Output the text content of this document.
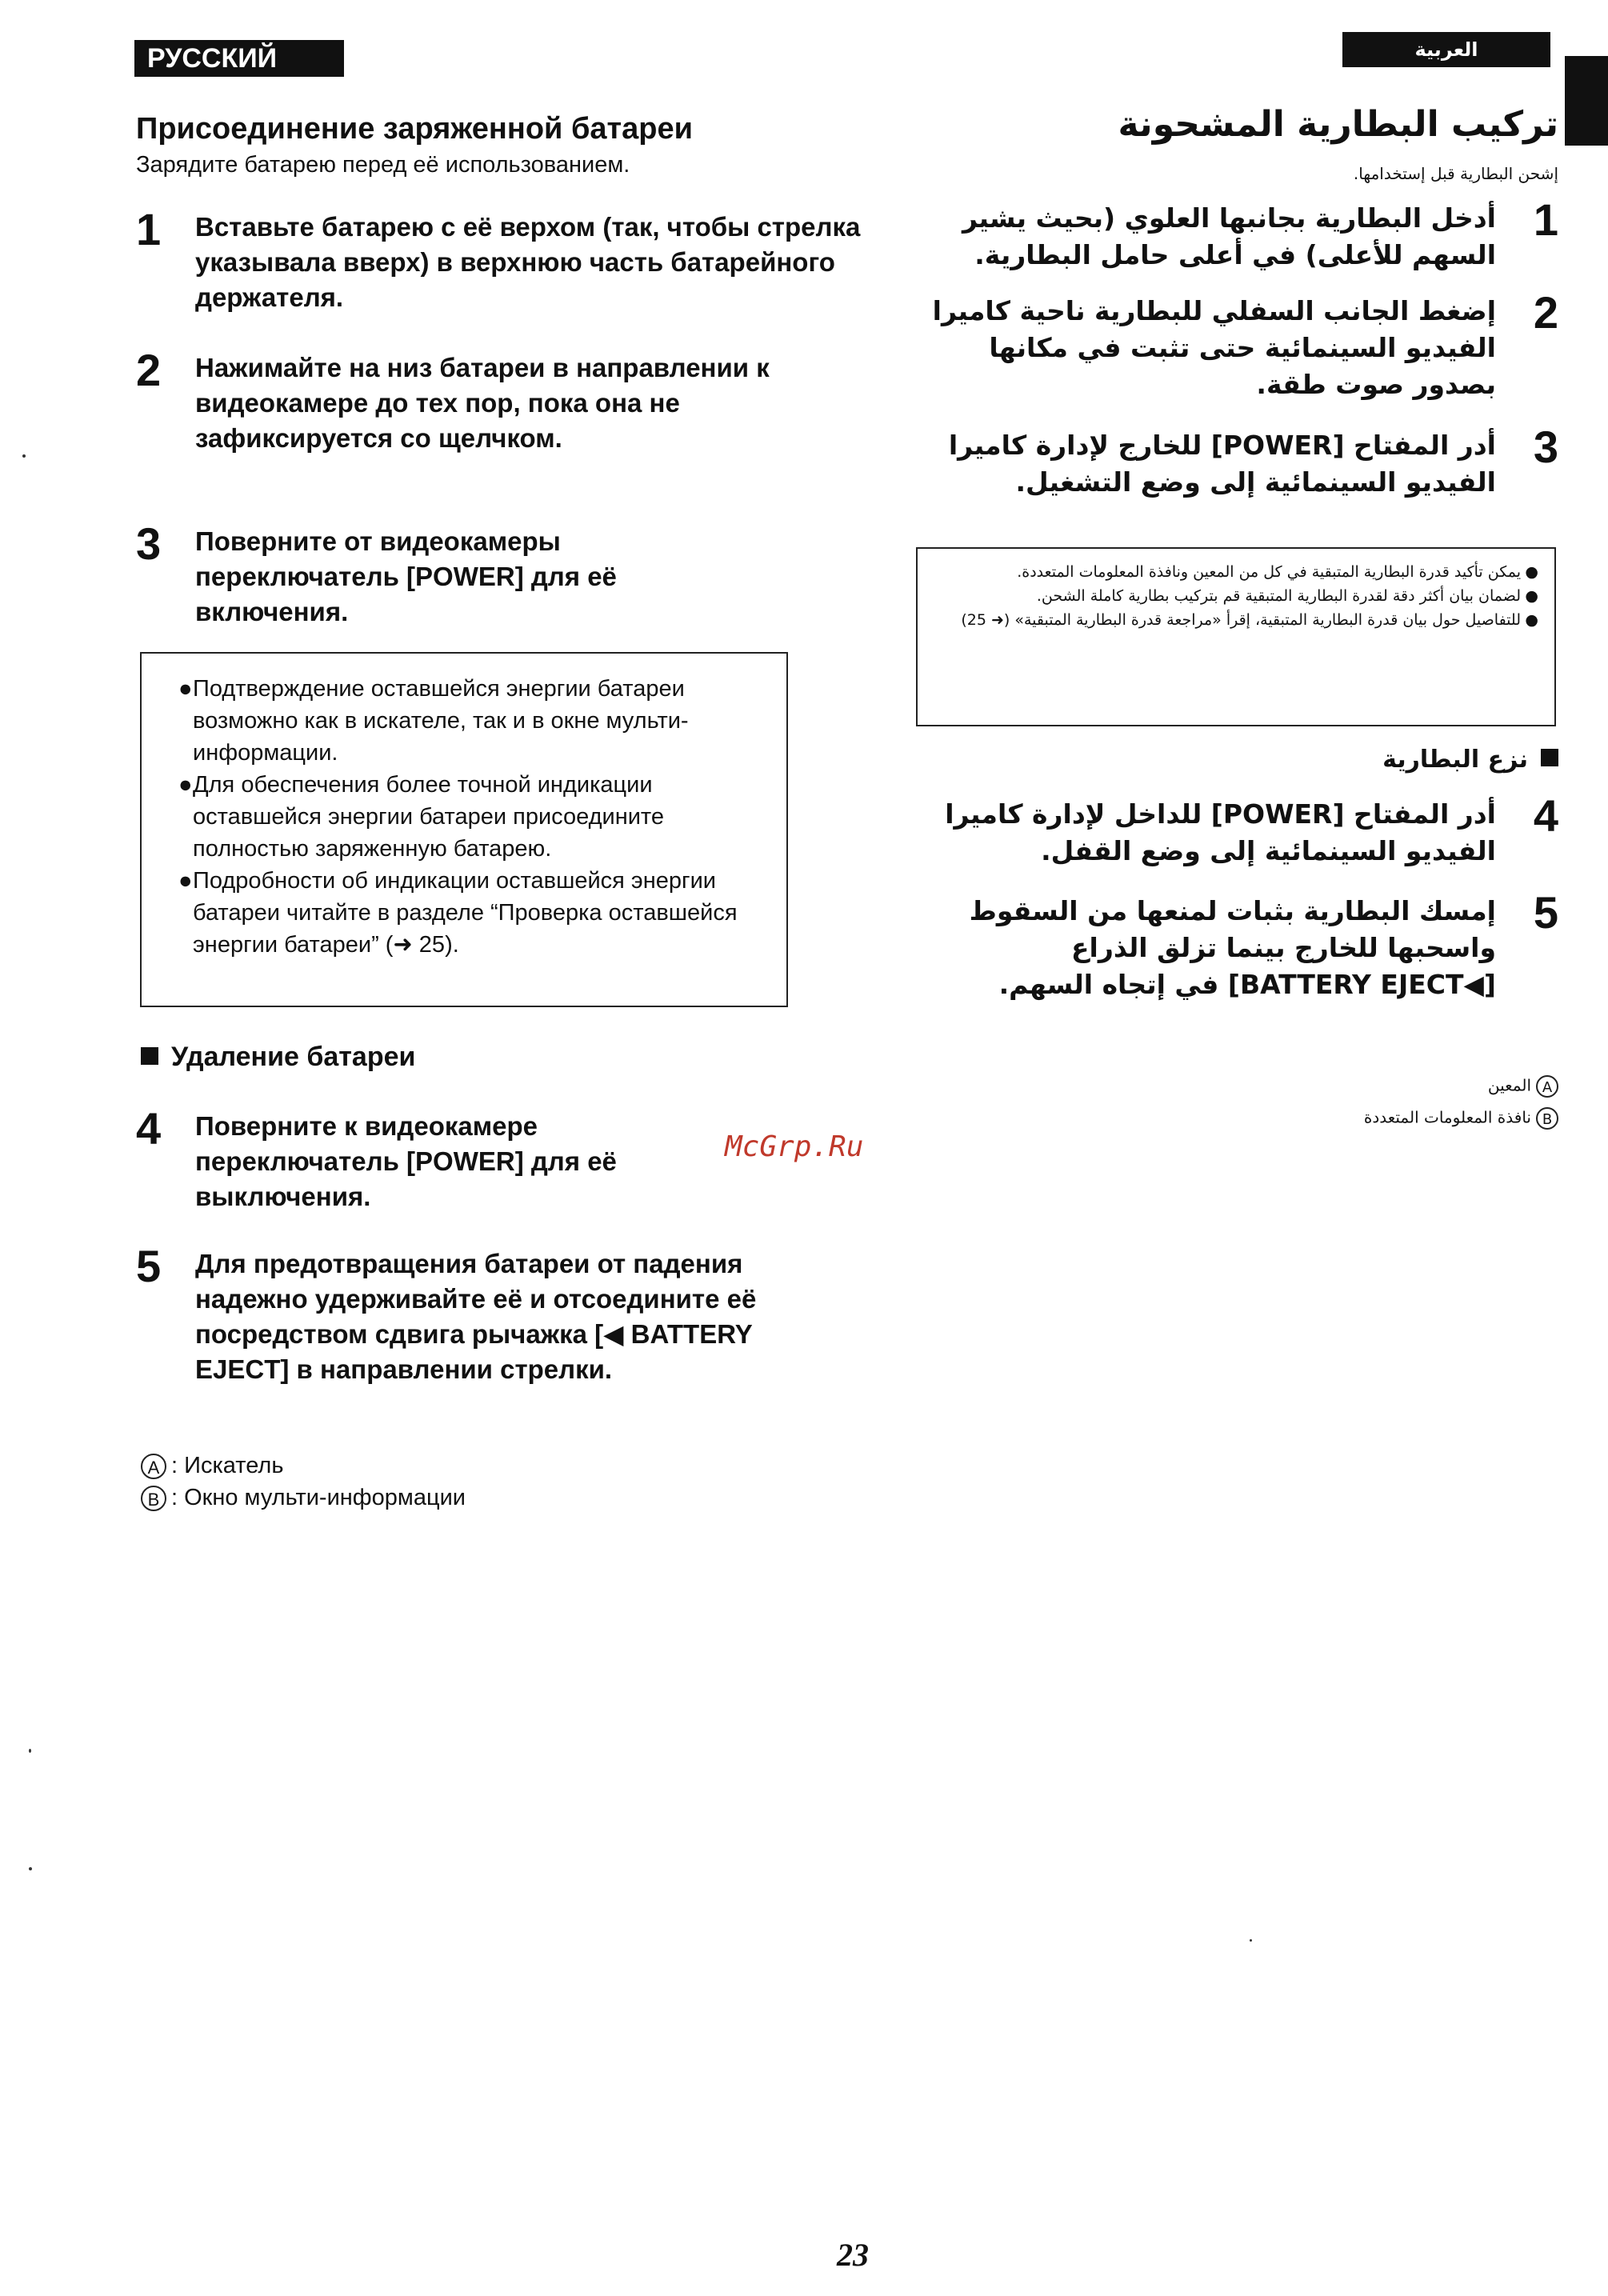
РУССКИЙ ЯЗЫК
العربية
Присоединение заряженной батареи
Зарядите батарею перед её использованием.
1 Вставьте батарею с её верхом (так, чтобы стрелка указывала вверх) в верхнюю часть батарейного держателя.
2 Нажимайте на низ батареи в направлении к видеокамере до тех пор, пока она не зафиксируется со щелчком.
3 Поверните от видеокамеры переключатель [POWER] для её включения.
● Подтверждение оставшейся энергии батареи возможно как в искателе, так и в окне мульти-информации.
● Для обеспечения более точной индикации оставшейся энергии батареи присоедините полностью заряженную батарею.
● Подробности об индикации оставшейся энергии батареи читайте в разделе “Проверка оставшейся энергии батареи” (➜ 25).
Удаление батареи
4 Поверните к видеокамере переключатель [POWER] для её выключения.
5 Для предотвращения батареи от падения надежно удерживайте её и отсоедините её посредством сдвига рычажка [◀ BATTERY EJECT] в направлении стрелки.
A : Искатель
B : Окно мульти-информации
McGrp.Ru
تركيب البطارية المشحونة
إشحن البطارية قبل إستخدامها.
1
أدخل البطارية بجانبها العلوي (بحيث يشير السهم للأعلى) في أعلى حامل البطارية.
2
إضغط الجانب السفلي للبطارية ناحية كاميرا الفيديو السينمائية حتى تثبت في مكانها بصدور صوت طقة.
3
أدر المفتاح [POWER] للخارج لإدارة كاميرا الفيديو السينمائية إلى وضع التشغيل.
●
يمكن تأكيد قدرة البطارية المتبقية في كل من المعين ونافذة المعلومات المتعددة.
●
لضمان بيان أكثر دقة لقدرة البطارية المتبقية قم بتركيب بطارية كاملة الشحن.
●
للتفاصيل حول بيان قدرة البطارية المتبقية، إقرأ «مراجعة قدرة البطارية المتبقية» (➜ 25)
نزع البطارية
4
أدر المفتاح [POWER] للداخل لإدارة كاميرا الفيديو السينمائية إلى وضع القفل.
5
إمسك البطارية بثبات لمنعها من السقوط واسحبها للخارج بينما تزلق الذراع [◀BATTERY EJECT] في إتجاه السهم.
Aالمعين
Bنافذة المعلومات المتعددة
23
